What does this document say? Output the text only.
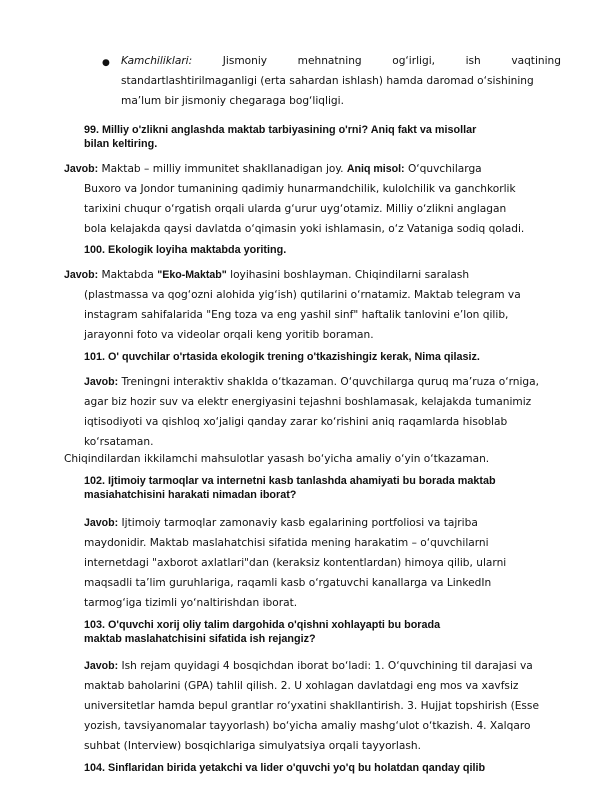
● Kamchiliklari:	Jismoniy mehnatning og‘irligi, ish vaqtining
standartlashtirilmaganligi (erta sahardan ishlash) hamda daromad o‘sishining
ma’lum bir jismoniy chegaraga bog‘liqligi.
99. Milliy o'zlikni anglashda maktab tarbiyasining o'rni? Aniq fakt va misollar
bilan keltiring.
Javob: Maktab – milliy immunitet shakllanadigan joy. Aniq misol: O‘quvchilarga
Buxoro va Jondor tumanining qadimiy hunarmandchilik, kulolchilik va ganchkorlik
tarixini chuqur o‘rgatish orqali ularda g‘urur uyg‘otamiz. Milliy o‘zlikni anglagan
bola kelajakda qaysi davlatda o‘qimasin yoki ishlamasin, o‘z Vataniga sodiq qoladi.
100. Ekologik loyiha maktabda yoriting.
Javob: Maktabda "Eko-Maktab" loyihasini boshlayman. Chiqindilarni saralash
(plastmassa va qog‘ozni alohida yig‘ish) qutilarini o‘rnatamiz. Maktab telegram va
instagram sahifalarida "Eng toza va eng yashil sinf" haftalik tanlovini e’lon qilib,
jarayonni foto va videolar orqali keng yoritib boraman.
101. O' quvchilar o'rtasida ekologik trening o'tkazishingiz kerak, Nima qilasiz.
Javob: Treningni interaktiv shaklda o‘tkazaman. O‘quvchilarga quruq ma’ruza o‘rniga,
agar biz hozir suv va elektr energiyasini tejashni boshlamasak, kelajakda tumanimiz
iqtisodiyoti va qishloq xo‘jaligi qanday zarar ko‘rishini aniq raqamlarda hisoblab
ko‘rsataman.
Chiqindilardan ikkilamchi mahsulotlar yasash bo‘yicha amaliy o‘yin o‘tkazaman.
102. Ijtimoiy tarmoqlar va internetni kasb tanlashda ahamiyati bu borada maktab
masiahatchisini harakati nimadan iborat?
Javob: Ijtimoiy tarmoqlar zamonaviy kasb egalarining portfoliosi va tajriba
maydonidir. Maktab maslahatchisi sifatida mening harakatim – o‘quvchilarni
internetdagi "axborot axlatlari"dan (keraksiz kontentlardan) himoya qilib, ularni
maqsadli ta’lim guruhlariga, raqamli kasb o‘rgatuvchi kanallarga va LinkedIn
tarmog‘iga tizimli yo‘naltirishdan iborat.
103. O'quvchi xorij oliy talim dargohida o'qishni xohlayapti bu borada
maktab maslahatchisini sifatida ish rejangiz?
Javob: Ish rejam quyidagi 4 bosqichdan iborat bo‘ladi: 1. O‘quvchining til darajasi va
maktab baholarini (GPA) tahlil qilish. 2. U xohlagan davlatdagi eng mos va xavfsiz
universitetlar hamda bepul grantlar ro‘yxatini shakllantirish. 3. Hujjat topshirish (Esse
yozish, tavsiyanomalar tayyorlash) bo‘yicha amaliy mashg‘ulot o‘tkazish. 4. Xalqaro
suhbat (Interview) bosqichlariga simulyatsiya orqali tayyorlash.
104. Sinflaridan birida yetakchi va lider o'quvchi yo'q bu holatdan qanday qilib
